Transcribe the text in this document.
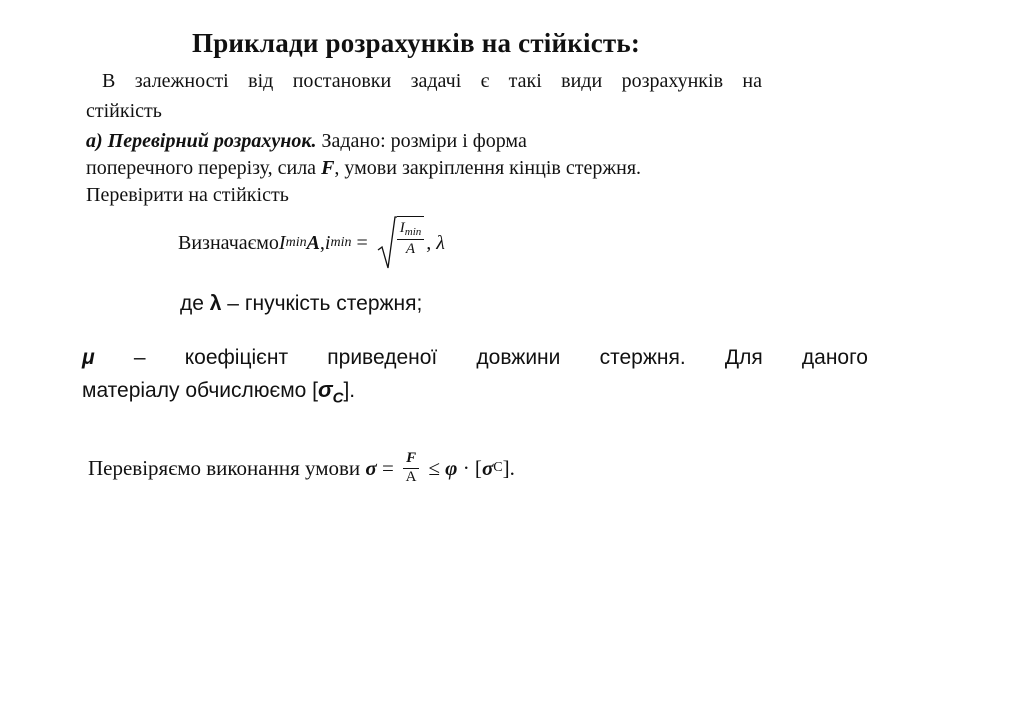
Приклади розрахунків на стійкість:
В залежності від постановки задачі є такі види розрахунків на
стійкість
а) Перевірний розрахунок. Задано: розміри і форма
поперечного перерізу, сила F, умови закріплення кінців стержня.
Перевірити на стійкість
Визначаємо I min A , i $\min = \frac{I_{min}}{A}$ , λ
де λ – гнучкість стержня;
μ – коефіцієнт приведеної довжини стержня. Для даного
матеріалу обчислюємо $[\sigma_C]$.
Перевіряємо виконання умови $\sigma = \frac{F}{A} \le \varphi$ · [ σ C ].
